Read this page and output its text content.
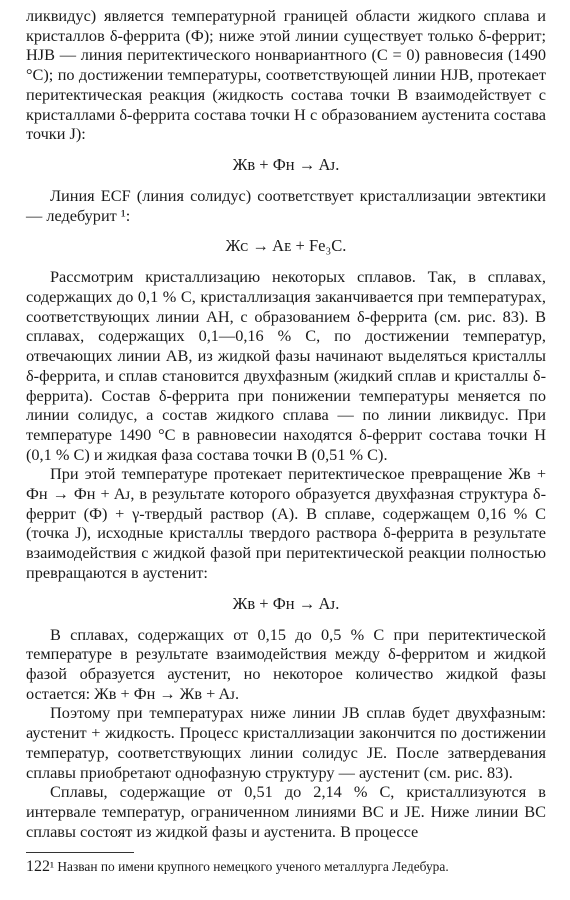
ликвидус) является температурной границей области жидкого сплава и кристаллов δ-феррита (Ф); ниже этой линии существует только δ-феррит; HJB — линия перитектического нонвариантного (C = 0) равновесия (1490 °C); по достижении температуры, соответствующей линии HJB, протекает перитектическая реакция (жидкость состава точки B взаимодействует с кристаллами δ-феррита состава точки H с образованием аустенита состава точки J):

Жʙ + Фʜ → Aᴊ.

Линия ECF (линия солидус) соответствует кристаллизации эвтектики — ледебурит ¹:

Жᴄ → Aᴇ + Fe₃C.

Рассмотрим кристаллизацию некоторых сплавов. Так, в сплавах, содержащих до 0,1 % C, кристаллизация заканчивается при температурах, соответствующих линии AH, с образованием δ-феррита (см. рис. 83). В сплавах, содержащих 0,1—0,16 % C, по достижении температур, отвечающих линии AB, из жидкой фазы начинают выделяться кристаллы δ-феррита, и сплав становится двухфазным (жидкий сплав и кристаллы δ-феррита). Состав δ-феррита при понижении температуры меняется по линии солидус, а состав жидкого сплава — по линии ликвидус. При температуре 1490 °C в равновесии находятся δ-феррит состава точки H (0,1 % C) и жидкая фаза состава точки B (0,51 % C).

При этой температуре протекает перитектическое превращение Жʙ + Фʜ → Фʜ + Aᴊ, в результате которого образуется двухфазная структура δ-феррит (Ф) + γ-твердый раствор (A). В сплаве, содержащем 0,16 % C (точка J), исходные кристаллы твердого раствора δ-феррита в результате взаимодействия с жидкой фазой при перитектической реакции полностью превращаются в аустенит:

Жʙ + Фʜ → Aᴊ.

В сплавах, содержащих от 0,15 до 0,5 % C при перитектической температуре в результате взаимодействия между δ-ферритом и жидкой фазой образуется аустенит, но некоторое количество жидкой фазы остается: Жʙ + Фʜ → Жʙ + Aᴊ.

Поэтому при температурах ниже линии JB сплав будет двухфазным: аустенит + жидкость. Процесс кристаллизации закончится по достижении температур, соответствующих линии солидус JE. После затвердевания сплавы приобретают однофазную структуру — аустенит (см. рис. 83).

Сплавы, содержащие от 0,51 до 2,14 % C, кристаллизуются в интервале температур, ограниченном линиями BC и JE. Ниже линии BC сплавы состоят из жидкой фазы и аустенита. В процессе

¹ Назван по имени крупного немецкого ученого металлурга Ледебура.

122
